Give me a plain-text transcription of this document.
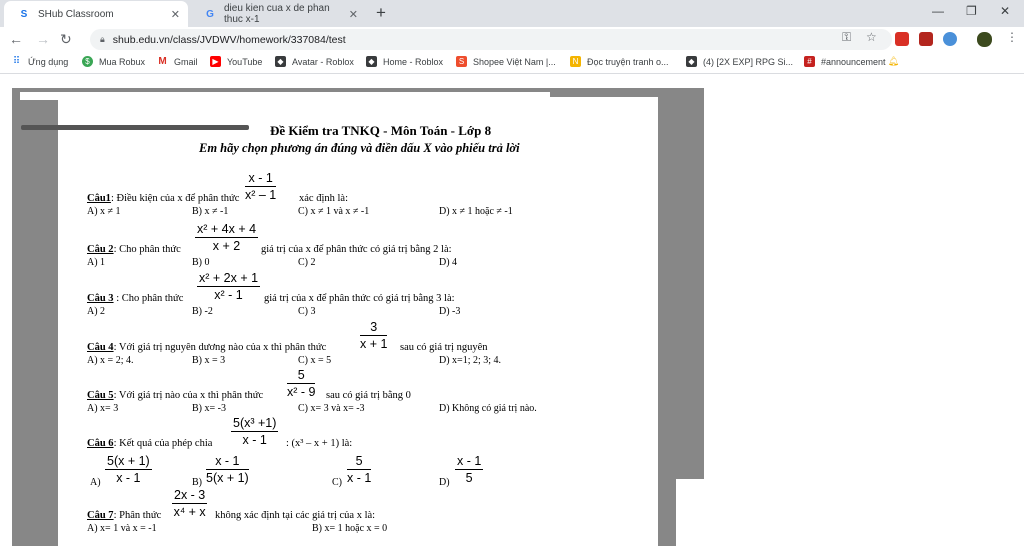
S SHub Classroom	✕	G dieu kien cua x de phan thuc x-1	✕ +	— ❐ ✕
← → ↻	🔒︎ shub.edu.vn/class/JVDWV/homework/337084/test	⚿ ☆	⋮
⠿ Ứng dụng	$	Mua Robux M Gmail	▶ YouTube	◆ Avatar - Roblox	◆ Home - Roblox	S Shopee Việt Nam |...	N Đọc truyện tranh o...	◆ (4) [2X EXP] RPG Si...	#	#announcement 🔔︎
Đề Kiểm tra TNKQ - Môn Toán - Lớp 8
Em hãy chọn phương án đúng và điền dấu X vào phiếu trả lời
Câu1: Điều kiện của x để phân thức $\frac{x - 1}{\text{x² – 1}}$ xác định là:
A) x ≠ 1	B) x ≠ -1	C) x ≠ 1 và x ≠ -1	D) x ≠ 1 hoặc ≠ -1
Câu 2: Cho phân thức $\frac{\text{x² + 4x + 4}}{x + 2}$ giá trị của x để phân thức có giá trị bằng 2 là:
A) 1	B) 0	C) 2	D) 4
Câu 3 : Cho phân thức $\frac{\text{x² + 2x + 1}}{\text{x² - 1}}$ giá trị của x để phân thức có giá trị bằng 3 là:
A) 2	B) -2	C) 3	D) -3
Câu 4: Với giá trị nguyên dương nào của x thì phân thức	$\frac{3}{x + 1}$ sau có giá trị nguyên
A) x = 2; 4.	B) x = 3	C) x = 5	D) x=1; 2; 3; 4.
Câu 5: Với giá trị nào của x thì phân thức $\frac{5}{\text{x² - 9}}$ sau có giá trị bằng 0
A) x= 3	B) x= -3	C) x= 3 và x= -3	D) Không có giá trị nào.
Câu 6: Kết quả của phép chia $\frac{\text{5(x³ +1)}}{x - 1}$ : (x³ – x + 1) là:
$A) \frac{5(x + 1)}{x - 1}$	$B) \frac{x - 1}{5(x + 1)}$	$C) \frac{5}{x - 1}$	$D) \frac{x - 1}{5}$
Câu 7: Phân thức $\frac{2x - 3}{\text{x⁴ + x}}$ không xác định tại các giá trị của x là:
A) x= 1 và x = -1	B) x= 1 hoặc x = 0
